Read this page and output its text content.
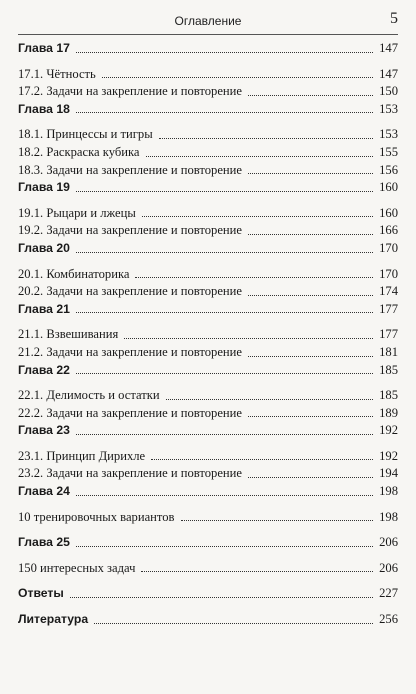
Оглавление	5
Глава 17	147
17.1. Чётность	147
17.2. Задачи на закрепление и повторение	150
Глава 18	153
18.1. Принцессы и тигры	153
18.2. Раскраска кубика	155
18.3. Задачи на закрепление и повторение	156
Глава 19	160
19.1. Рыцари и лжецы	160
19.2. Задачи на закрепление и повторение	166
Глава 20	170
20.1. Комбинаторика	170
20.2. Задачи на закрепление и повторение	174
Глава 21	177
21.1. Взвешивания	177
21.2. Задачи на закрепление и повторение	181
Глава 22	185
22.1. Делимость и остатки	185
22.2. Задачи на закрепление и повторение	189
Глава 23	192
23.1. Принцип Дирихле	192
23.2. Задачи на закрепление и повторение	194
Глава 24	198
10 тренировочных вариантов	198
Глава 25	206
150 интересных задач	206
Ответы	227
Литература	256
